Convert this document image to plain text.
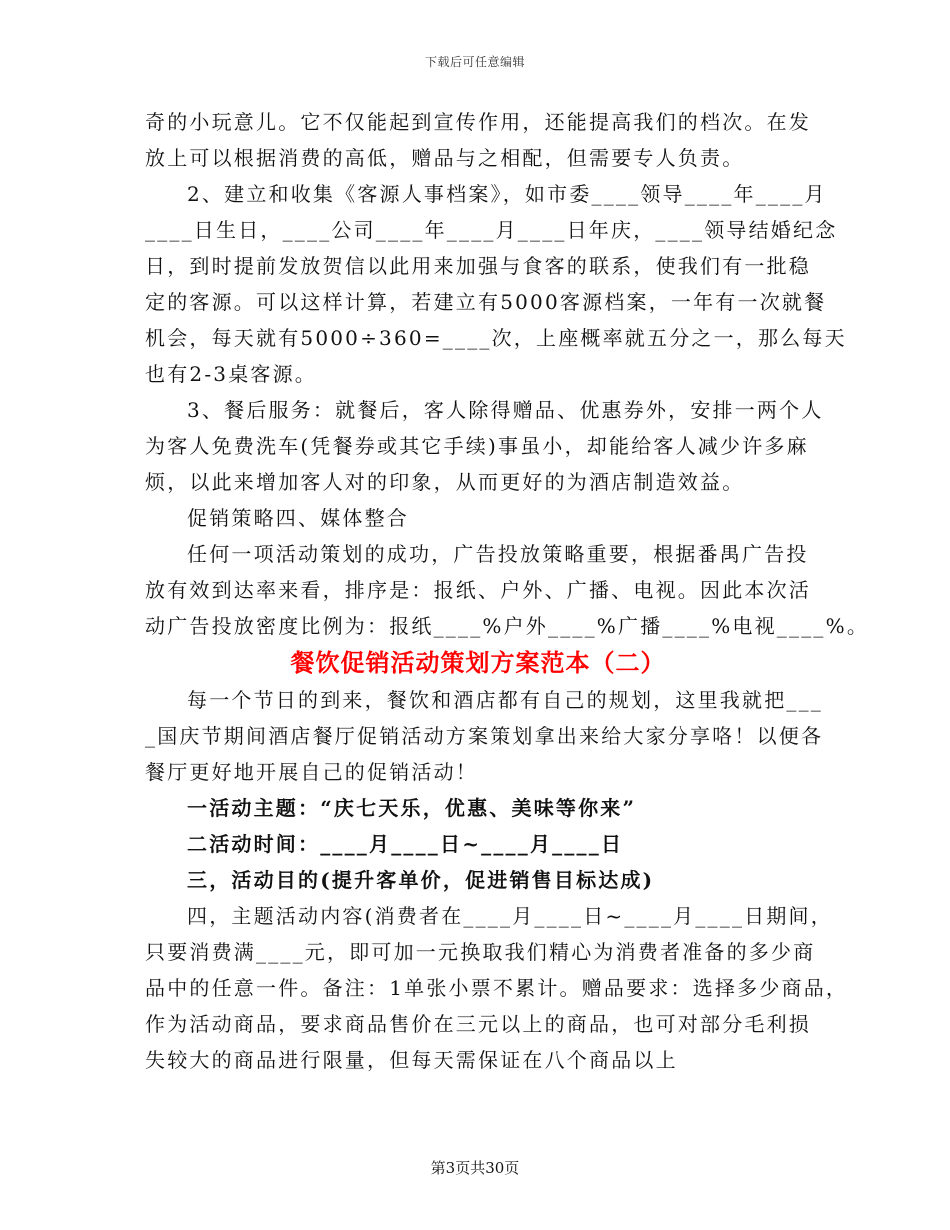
下载后可任意编辑
奇的小玩意儿。它不仅能起到宣传作用，还能提高我们的档次。在发
放上可以根据消费的高低，赠品与之相配，但需要专人负责。
2、建立和收集《客源人事档案》，如市委____领导____年____月
____日生日，____公司____年____月____日年庆，____领导结婚纪念
日，到时提前发放贺信以此用来加强与食客的联系，使我们有一批稳
定的客源。可以这样计算，若建立有5000客源档案，一年有一次就餐
机会，每天就有5000÷360=____次，上座概率就五分之一，那么每天
也有2-3桌客源。
3、餐后服务：就餐后，客人除得赠品、优惠券外，安排一两个人
为客人免费洗车(凭餐券或其它手续)事虽小，却能给客人减少许多麻
烦，以此来增加客人对的印象，从而更好的为酒店制造效益。
促销策略四、媒体整合
任何一项活动策划的成功，广告投放策略重要，根据番禺广告投
放有效到达率来看，排序是：报纸、户外、广播、电视。因此本次活
动广告投放密度比例为：报纸____%户外____%广播____%电视____%。
餐饮促销活动策划方案范本（二）
每一个节日的到来，餐饮和酒店都有自己的规划，这里我就把___
_国庆节期间酒店餐厅促销活动方案策划拿出来给大家分享咯！以便各
餐厅更好地开展自己的促销活动！
一活动主题：“庆七天乐，优惠、美味等你来”
二活动时间：____月____日~____月____日
三，活动目的(提升客单价，促进销售目标达成)
四，主题活动内容(消费者在____月____日~____月____日期间，
只要消费满____元，即可加一元换取我们精心为消费者准备的多少商
品中的任意一件。备注：1单张小票不累计。赠品要求：选择多少商品，
作为活动商品，要求商品售价在三元以上的商品，也可对部分毛利损
失较大的商品进行限量，但每天需保证在八个商品以上
第3页共30页
